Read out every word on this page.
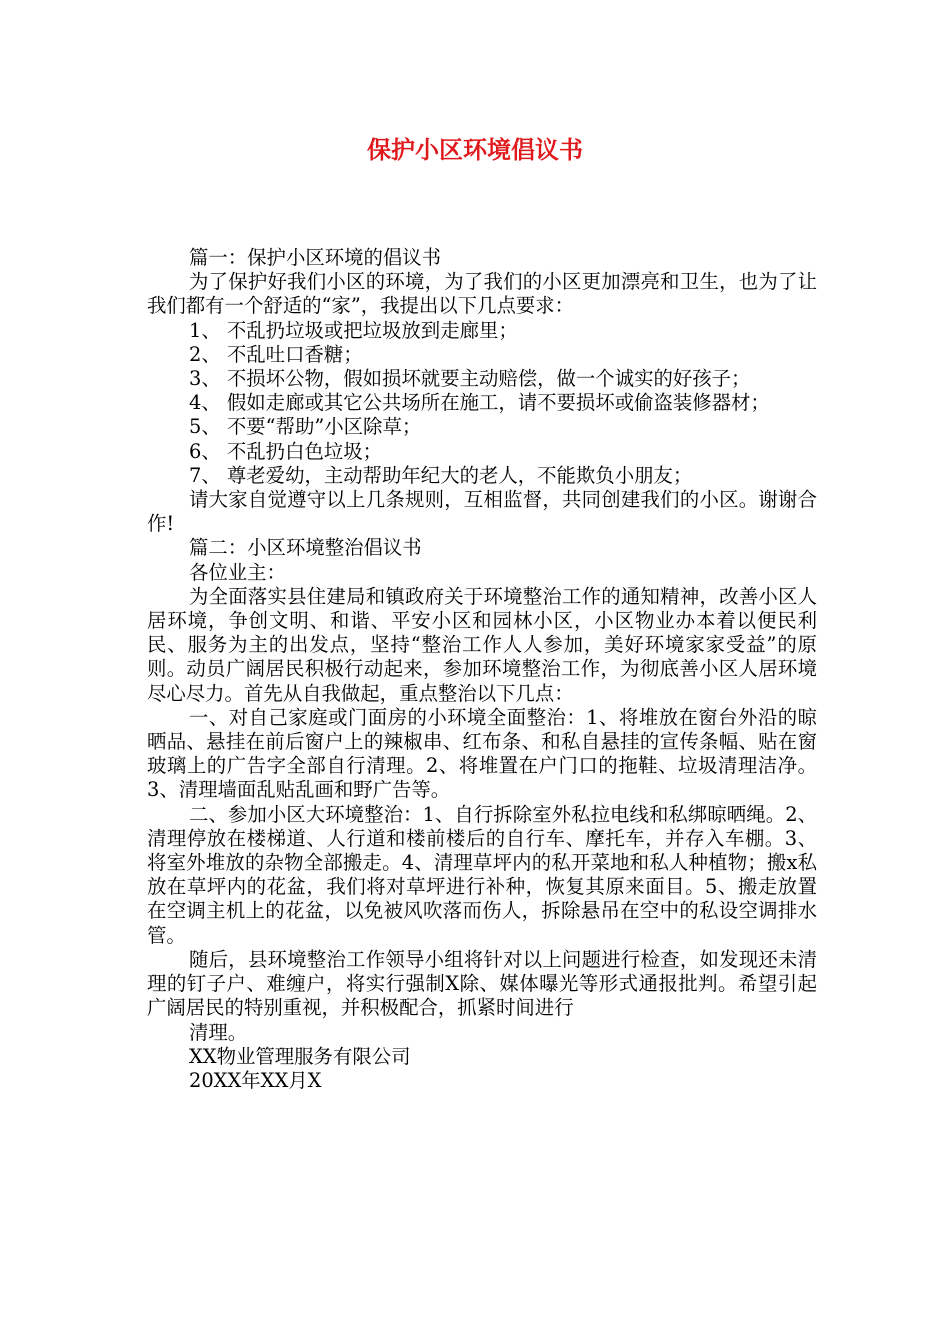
保护小区环境倡议书

篇一：保护小区环境的倡议书

为了保护好我们小区的环境，为了我们的小区更加漂亮和卫生，也为了让我们都有一个舒适的“家”，我提出以下几点要求：

1、 不乱扔垃圾或把垃圾放到走廊里；

2、 不乱吐口香糖；

3、 不损坏公物，假如损坏就要主动赔偿，做一个诚实的好孩子；

4、 假如走廊或其它公共场所在施工，请不要损坏或偷盗装修器材；

5、 不要“帮助”小区除草；

6、 不乱扔白色垃圾；

7、 尊老爱幼，主动帮助年纪大的老人，不能欺负小朋友；

请大家自觉遵守以上几条规则，互相监督，共同创建我们的小区。谢谢合作!

篇二：小区环境整治倡议书

各位业主：

为全面落实县住建局和镇政府关于环境整治工作的通知精神，改善小区人居环境，争创文明、和谐、平安小区和园林小区，小区物业办本着以便民利民、服务为主的出发点，坚持“整治工作人人参加，美好环境家家受益”的原则。动员广阔居民积极行动起来，参加环境整治工作，为彻底善小区人居环境尽心尽力。首先从自我做起，重点整治以下几点：

一、对自己家庭或门面房的小环境全面整治：1、将堆放在窗台外沿的晾晒品、悬挂在前后窗户上的辣椒串、红布条、和私自悬挂的宣传条幅、贴在窗玻璃上的广告字全部自行清理。2、将堆置在户门口的拖鞋、垃圾清理洁净。3、清理墙面乱贴乱画和野广告等。

二、参加小区大环境整治：1、自行拆除室外私拉电线和私绑晾晒绳。2、清理停放在楼梯道、人行道和楼前楼后的自行车、摩托车，并存入车棚。3、将室外堆放的杂物全部搬走。4、清理草坪内的私开菜地和私人种植物；搬x私放在草坪内的花盆，我们将对草坪进行补种，恢复其原来面目。5、搬走放置在空调主机上的花盆，以免被风吹落而伤人，拆除悬吊在空中的私设空调排水管。

随后，县环境整治工作领导小组将针对以上问题进行检查，如发现还未清理的钉子户、难缠户，将实行强制X除、媒体曝光等形式通报批判。希望引起广阔居民的特别重视，并积极配合，抓紧时间进行

清理。

XX物业管理服务有限公司

20XX年XX月X
